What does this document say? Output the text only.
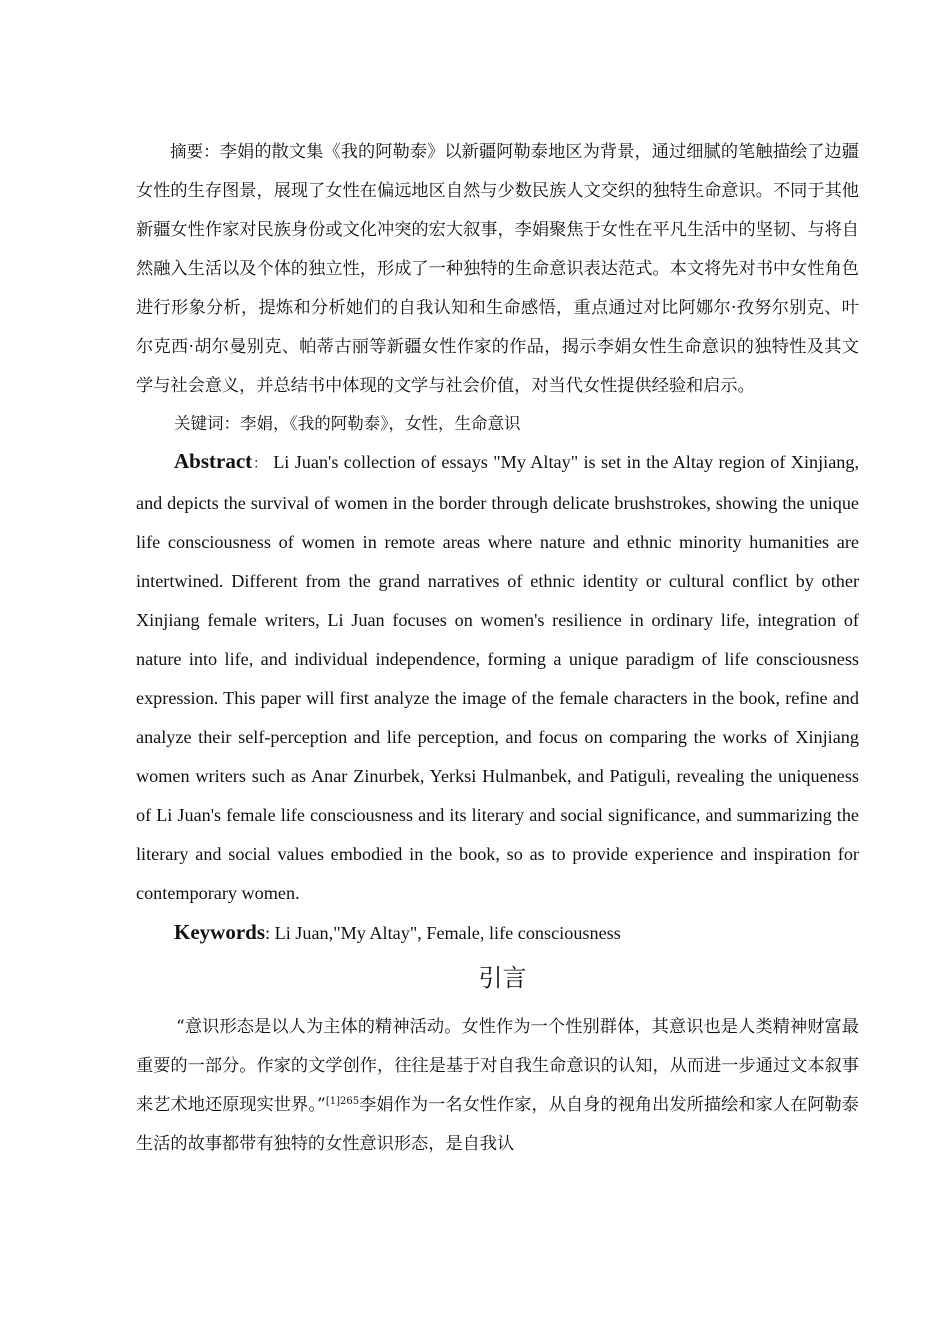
摘要：李娟的散文集《我的阿勒泰》以新疆阿勒泰地区为背景，通过细腻的笔触描绘了边疆女性的生存图景，展现了女性在偏远地区自然与少数民族人文交织的独特生命意识。不同于其他新疆女性作家对民族身份或文化冲突的宏大叙事，李娟聚焦于女性在平凡生活中的坚韧、与将自然融入生活以及个体的独立性，形成了一种独特的生命意识表达范式。本文将先对书中女性角色进行形象分析，提炼和分析她们的自我认知和生命感悟，重点通过对比阿娜尔·孜努尔别克、叶尔克西·胡尔曼别克、帕蒂古丽等新疆女性作家的作品，揭示李娟女性生命意识的独特性及其文学与社会意义，并总结书中体现的文学与社会价值，对当代女性提供经验和启示。

关键词：李娟，《我的阿勒泰》，女性，生命意识

Abstract： Li Juan's collection of essays "My Altay" is set in the Altay region of Xinjiang, and depicts the survival of women in the border through delicate brushstrokes, showing the unique life consciousness of women in remote areas where nature and ethnic minority humanities are intertwined. Different from the grand narratives of ethnic identity or cultural conflict by other Xinjiang female writers, Li Juan focuses on women's resilience in ordinary life, integration of nature into life, and individual independence, forming a unique paradigm of life consciousness expression. This paper will first analyze the image of the female characters in the book, refine and analyze their self-perception and life perception, and focus on comparing the works of Xinjiang women writers such as Anar Zinurbek, Yerksi Hulmanbek, and Patiguli, revealing the uniqueness of Li Juan's female life consciousness and its literary and social significance, and summarizing the literary and social values embodied in the book, so as to provide experience and inspiration for contemporary women.

Keywords: Li Juan,"My Altay", Female, life consciousness

引言

“意识形态是以人为主体的精神活动。女性作为一个性别群体，其意识也是人类精神财富最重要的一部分。作家的文学创作，往往是基于对自我生命意识的认知，从而进一步通过文本叙事来艺术地还原现实世界。”$^{[1]265}$李娟作为一名女性作家，从自身的视角出发所描绘和家人在阿勒泰生活的故事都带有独特的女性意识形态，是自我认
